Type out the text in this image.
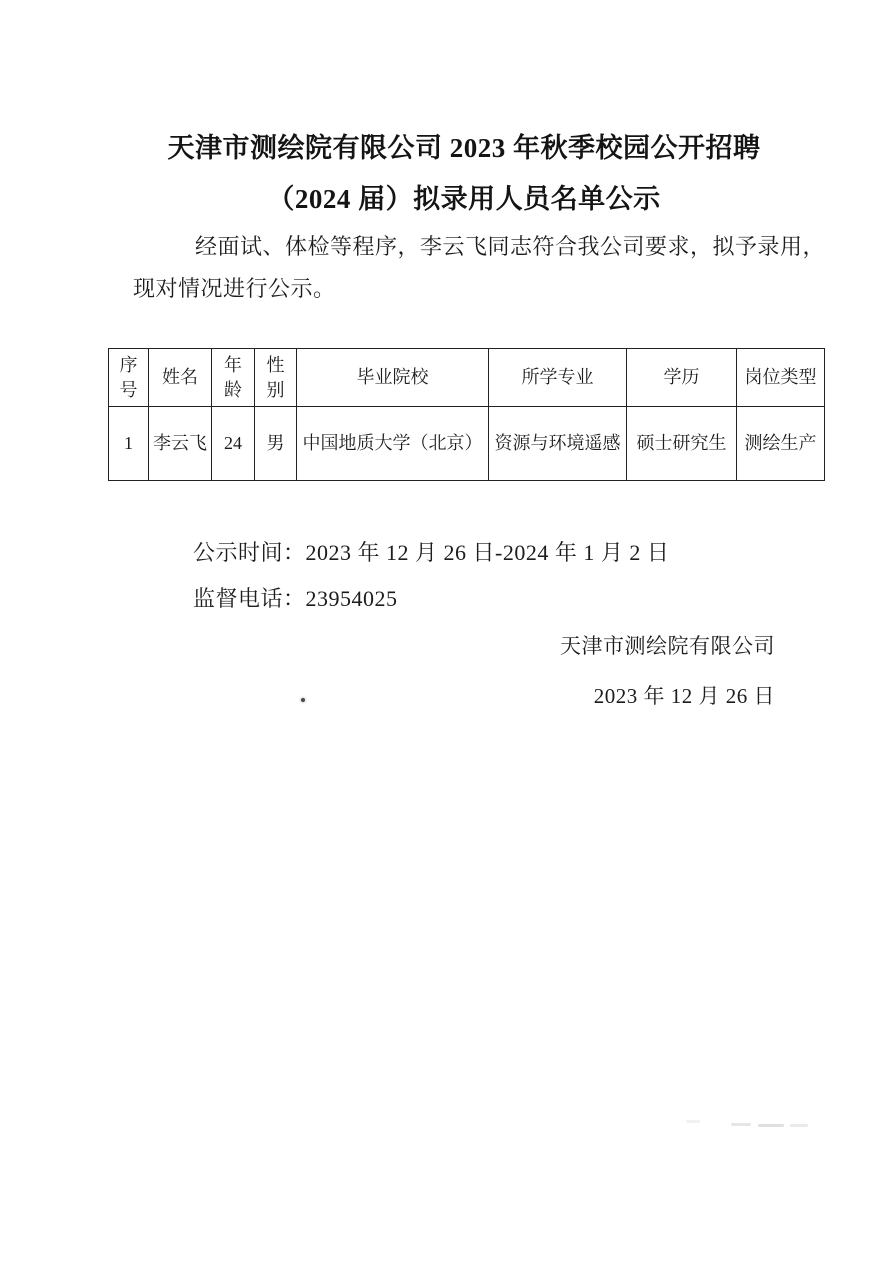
天津市测绘院有限公司 2023 年秋季校园公开招聘
（2024 届）拟录用人员名单公示
经面试、体检等程序，李云飞同志符合我公司要求，拟予录用，
现对情况进行公示。
序号	姓名	年龄	性别	毕业院校	所学专业	学历	岗位类型
1	李云飞	24	男	中国地质大学（北京）	资源与环境遥感	硕士研究生	测绘生产
公示时间：2023 年 12 月 26 日-2024 年 1 月 2 日
监督电话：23954025
天津市测绘院有限公司
2023 年 12 月 26 日
